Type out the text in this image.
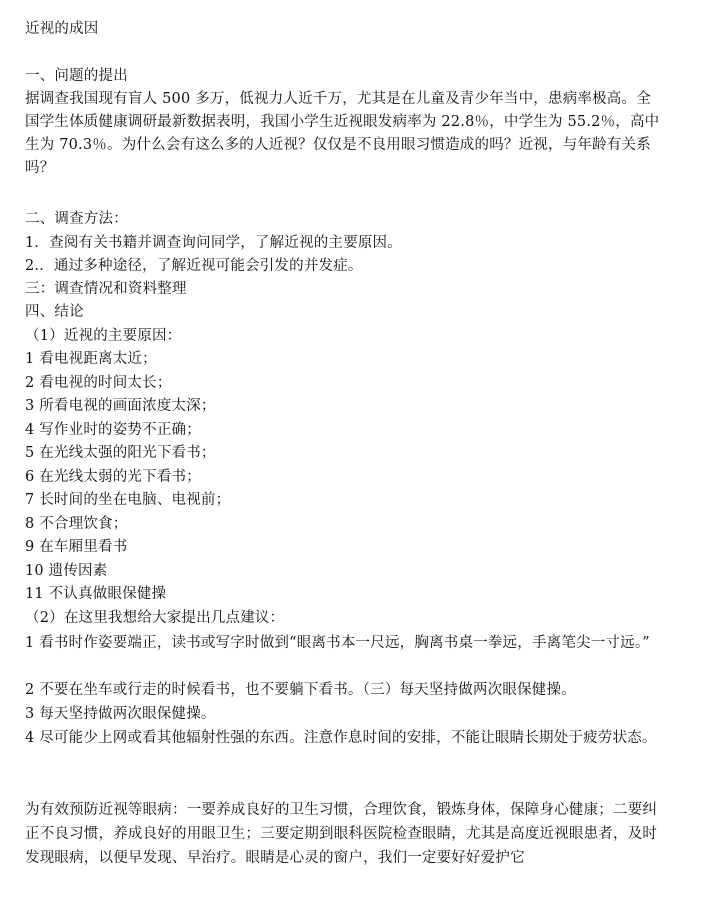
近视的成因
一、问题的提出
据调查我国现有盲人 500 多万，低视力人近千万，尤其是在儿童及青少年当中，患病率极高。全国学生体质健康调研最新数据表明，我国小学生近视眼发病率为 22.8％，中学生为 55.2％，高中生为 70.3％。为什么会有这么多的人近视？仅仅是不良用眼习惯造成的吗？近视，与年龄有关系吗？
二、调查方法：
1．查阅有关书籍并调查询问同学，了解近视的主要原因。
2.．通过多种途径，了解近视可能会引发的并发症。
三：调查情况和资料整理
四、结论
（1）近视的主要原因：
1 看电视距离太近；
2 看电视的时间太长；
3 所看电视的画面浓度太深；
4 写作业时的姿势不正确；
5 在光线太强的阳光下看书；
6 在光线太弱的光下看书；
7 长时间的坐在电脑、电视前；
8 不合理饮食；
9 在车厢里看书
10 遗传因素
11 不认真做眼保健操
（2）在这里我想给大家提出几点建议：
1 看书时作姿要端正，读书或写字时做到“眼离书本一尺远，胸离书桌一拳远，手离笔尖一寸远。”
2 不要在坐车或行走的时候看书，也不要躺下看书。（三）每天坚持做两次眼保健操。
3 每天坚持做两次眼保健操。
4 尽可能少上网或看其他辐射性强的东西。注意作息时间的安排，不能让眼睛长期处于疲劳状态。
为有效预防近视等眼病：一要养成良好的卫生习惯，合理饮食，锻炼身体，保障身心健康；二要纠正不良习惯，养成良好的用眼卫生；三要定期到眼科医院检查眼睛，尤其是高度近视眼患者，及时发现眼病，以便早发现、早治疗。眼睛是心灵的窗户，我们一定要好好爱护它
